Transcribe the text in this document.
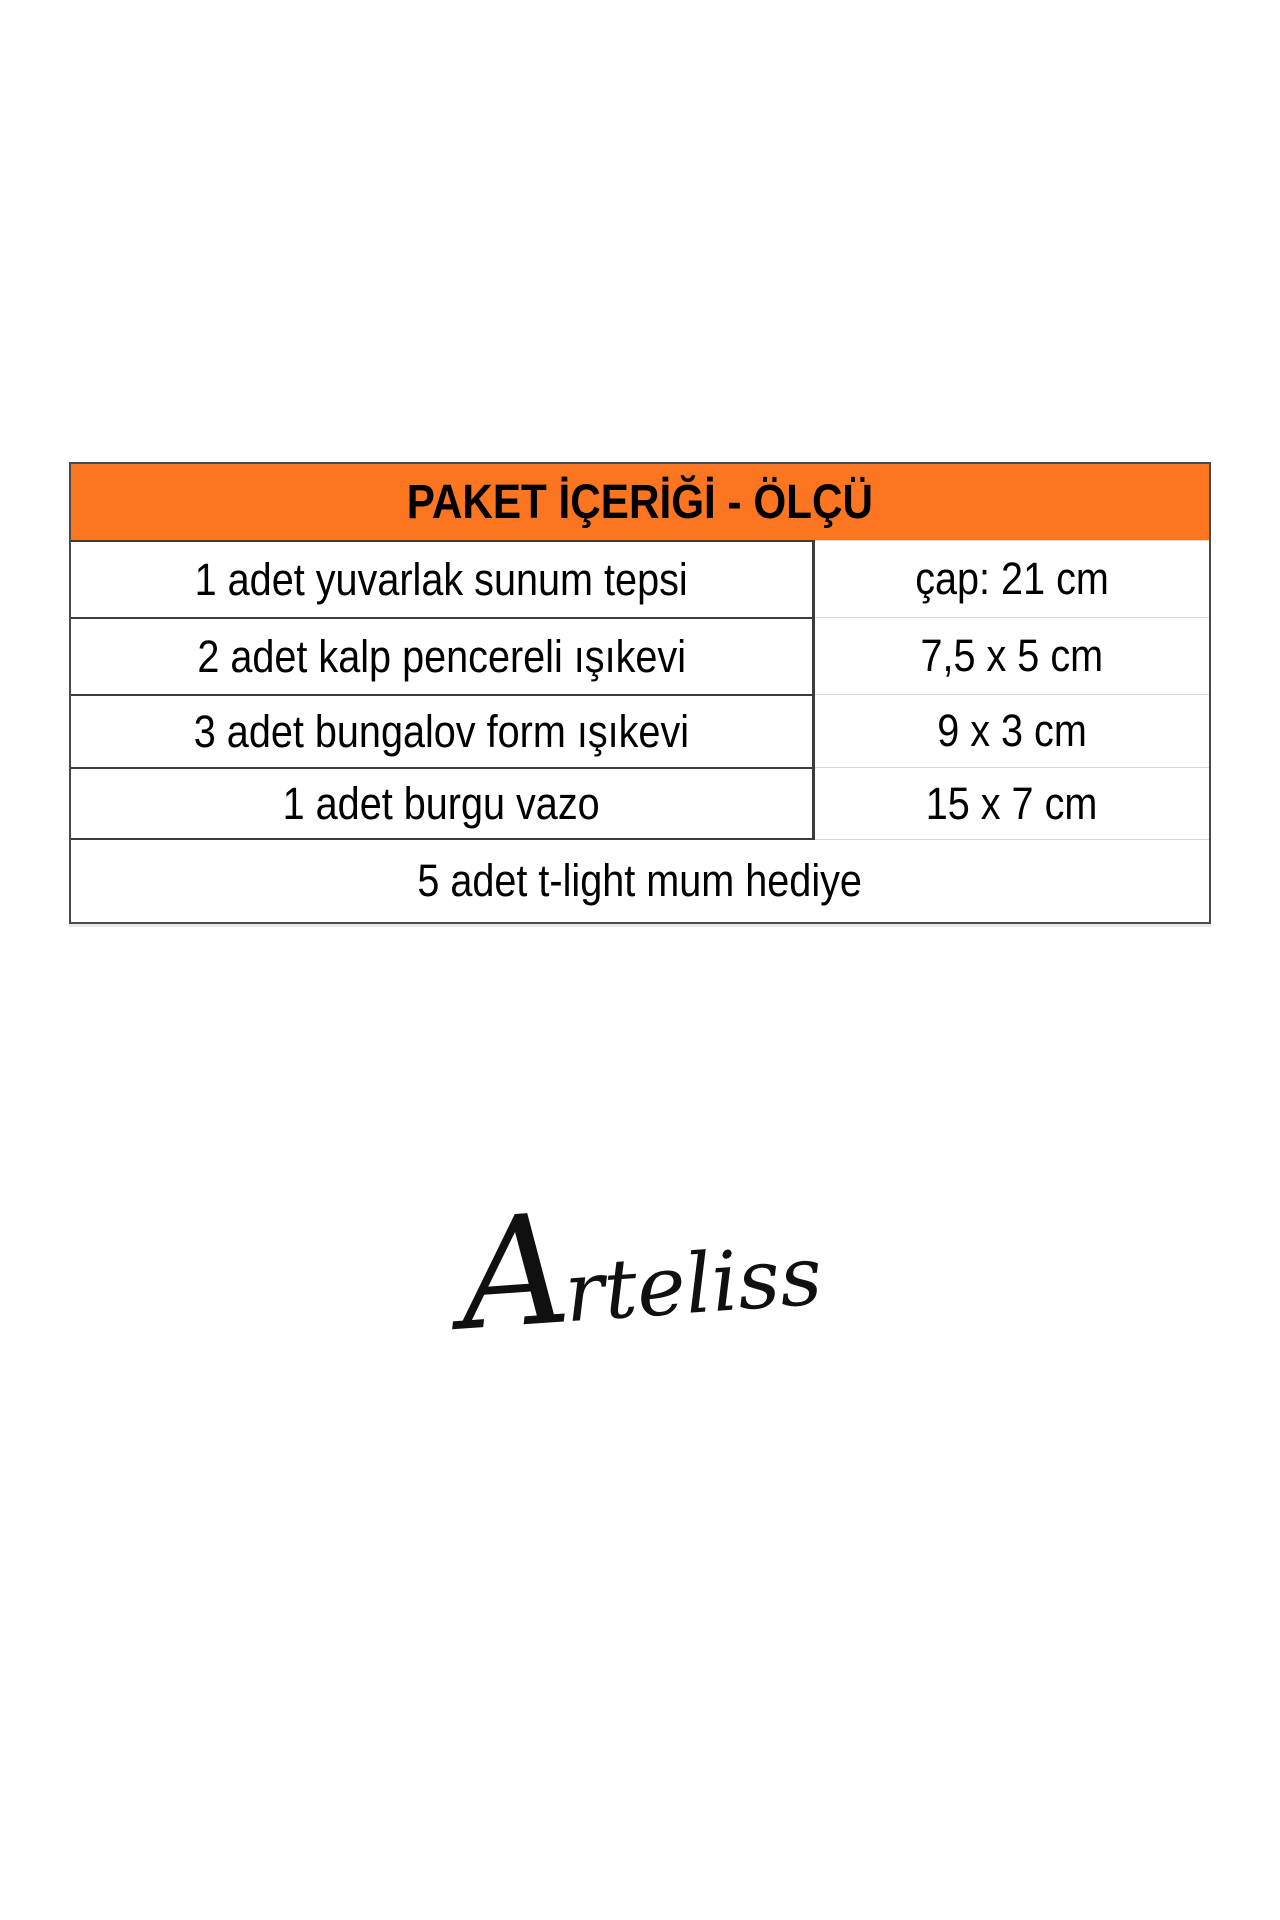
PAKET İÇERİĞİ - ÖLÇÜ
1 adet yuvarlak sunum tepsi	çap: 21 cm
2 adet kalp pencereli ışıkevi	7,5 x 5 cm
3 adet bungalov form ışıkevi	9 x 3 cm
1 adet burgu vazo	15 x 7 cm
5 adet t-light mum hediye
Arteliss
